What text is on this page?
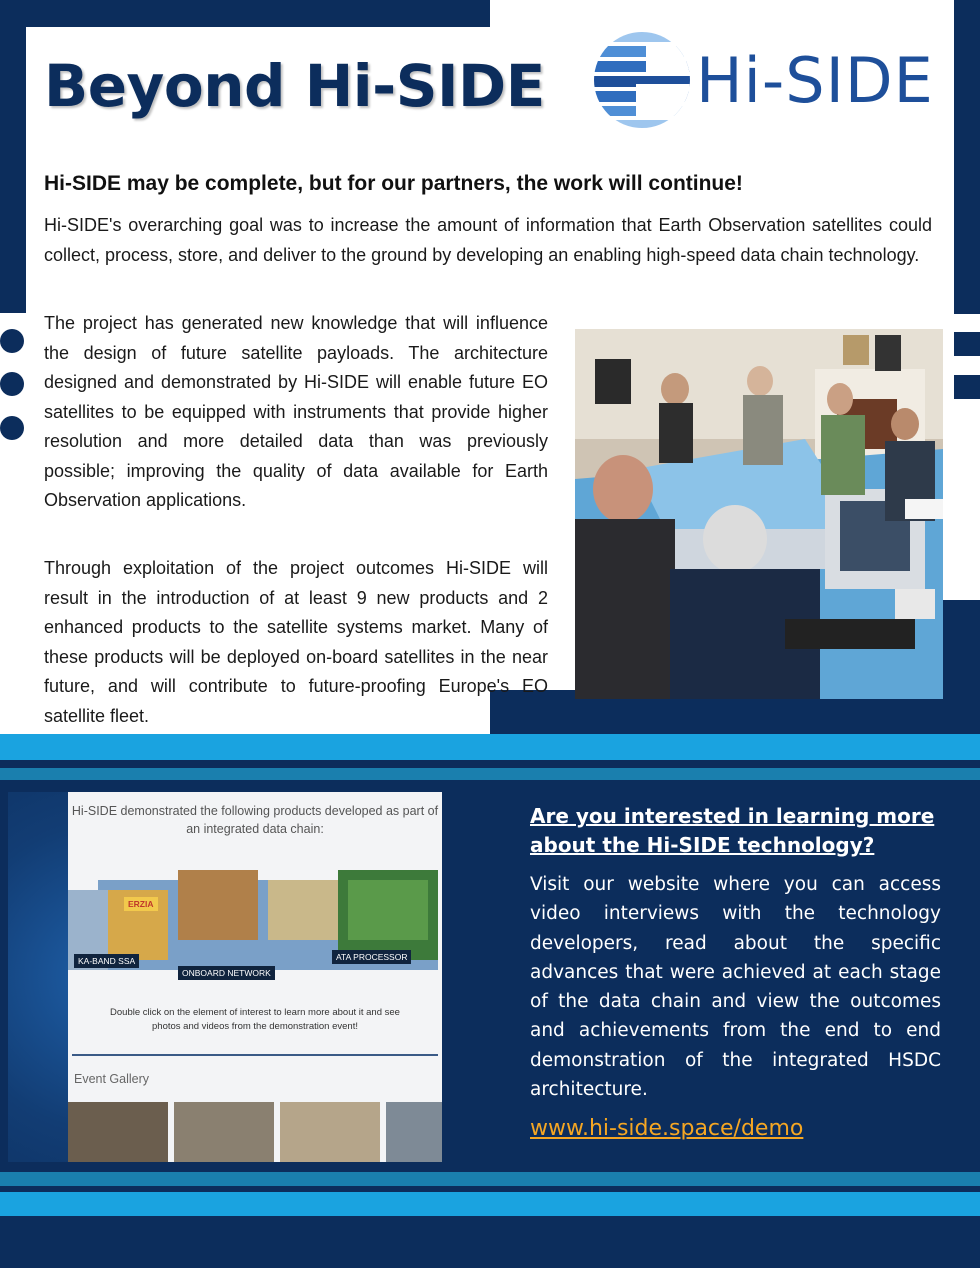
Beyond Hi-SIDE Hi-SIDE
Hi-SIDE may be complete, but for our partners, the work will continue!
Hi-SIDE's overarching goal was to increase the amount of information that Earth Observation satellites could collect, process, store, and deliver to the ground by developing an enabling high-speed data chain technology.
The project has generated new knowledge that will influence the design of future satellite payloads. The architecture designed and demonstrated by Hi-SIDE will enable future EO satellites to be equipped with instruments that provide higher resolution and more detailed data than was previously possible; improving the quality of data available for Earth Observation applications.
Through exploitation of the project outcomes Hi-SIDE will result in the introduction of at least 9 new products and 2 enhanced products to the satellite systems market. Many of these products will be deployed on-board satellites in the near future, and will contribute to future-proofing Europe's EO satellite fleet.
Hi-SIDE demonstrated the following products developed as part of an integrated data chain:
ERZIA
KA-BAND SSA
ONBOARD NETWORK
ATA PROCESSOR
Double click on the element of interest to learn more about it and see photos and videos from the demonstration event!
Event Gallery
Are you interested in learning more
about the Hi-SIDE technology?
Visit our website where you can access video interviews with the technology developers, read about the specific advances that were achieved at each stage of the data chain and view the outcomes and achievements from the end to end demonstration of the integrated HSDC architecture.
www.hi-side.space/demo
